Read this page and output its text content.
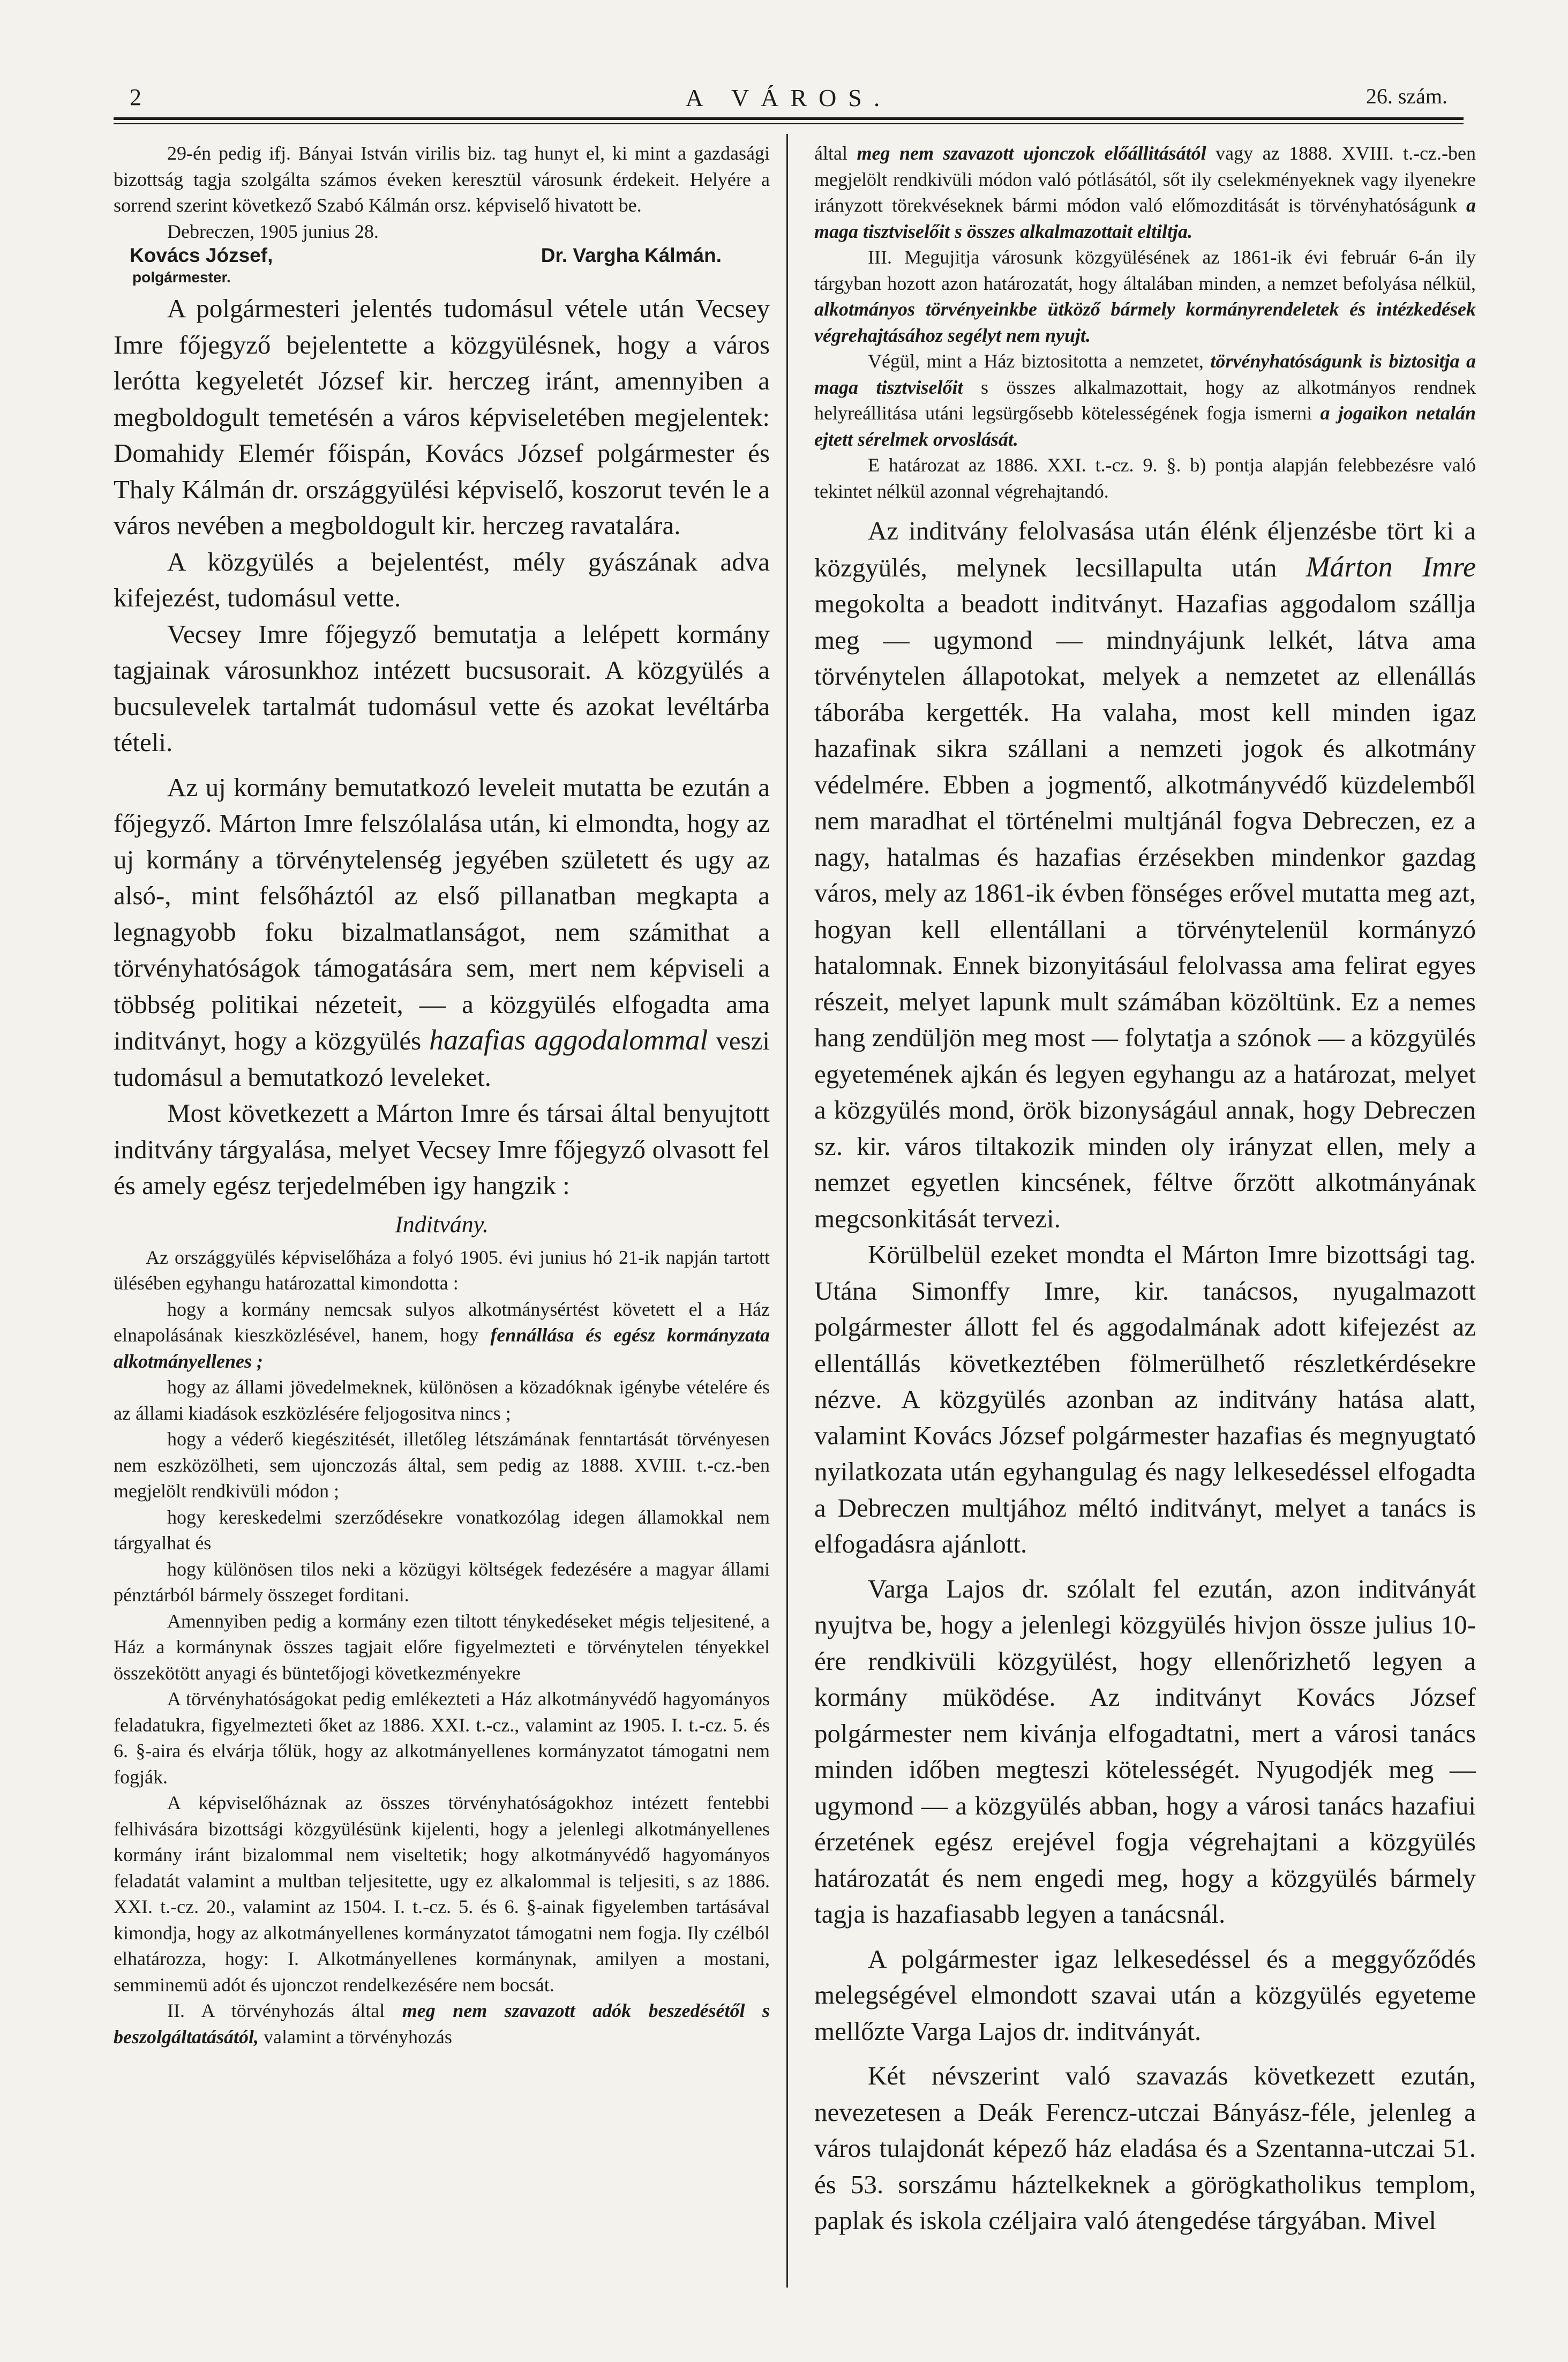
2	A VÁROS.	26. szám.

29-én pedig ifj. Bányai István virilis biz. tag hunyt el, ki mint a gazdasági bizottság tagja szolgálta számos éveken keresztül városunk érdekeit. Helyére a sorrend szerint következő Szabó Kálmán orsz. képviselő hivatott be.

Debreczen, 1905 junius 28.

Kovács József,	Dr. Vargha Kálmán.
polgármester.

A polgármesteri jelentés tudomásul vétele után Vecsey Imre főjegyző bejelentette a közgyülésnek, hogy a város lerótta kegyeletét József kir. herczeg iránt, amennyiben a megboldogult temetésén a város képviseletében megjelentek: Domahidy Elemér főispán, Kovács József polgármester és Thaly Kálmán dr. országgyülési képviselő, koszorut tevén le a város nevében a megboldogult kir. herczeg ravatalára.

A közgyülés a bejelentést, mély gyászának adva kifejezést, tudomásul vette.

Vecsey Imre főjegyző bemutatja a lelépett kormány tagjainak városunkhoz intézett bucsusorait. A közgyülés a bucsulevelek tartalmát tudomásul vette és azokat levéltárba tételi.

Az uj kormány bemutatkozó leveleit mutatta be ezután a főjegyző. Márton Imre felszólalása után, ki elmondta, hogy az uj kormány a törvénytelenség jegyében született és ugy az alsó-, mint felsőháztól az első pillanatban megkapta a legnagyobb foku bizalmatlanságot, nem számithat a törvényhatóságok támogatására sem, mert nem képviseli a többség politikai nézeteit, — a közgyülés elfogadta ama inditványt, hogy a közgyülés hazafias aggodalommal veszi tudomásul a bemutatkozó leveleket.

Most következett a Márton Imre és társai által benyujtott inditvány tárgyalása, melyet Vecsey Imre főjegyző olvasott fel és amely egész terjedelmében igy hangzik :

Inditvány.

Az országgyülés képviselőháza a folyó 1905. évi junius hó 21-ik napján tartott ülésében egyhangu határozattal kimondotta :

hogy a kormány nemcsak sulyos alkotmánysértést követett el a Ház elnapolásának kieszközlésével, hanem, hogy fennállása és egész kormányzata alkotmányellenes ;

hogy az állami jövedelmeknek, különösen a közadóknak igénybe vételére és az állami kiadások eszközlésére feljogositva nincs ;

hogy a véderő kiegészitését, illetőleg létszámának fenntartását törvényesen nem eszközölheti, sem ujonczozás által, sem pedig az 1888. XVIII. t.-cz.-ben megjelölt rendkivüli módon ;

hogy kereskedelmi szerződésekre vonatkozólag idegen államokkal nem tárgyalhat és

hogy különösen tilos neki a közügyi költségek fedezésére a magyar állami pénztárból bármely összeget forditani.

Amennyiben pedig a kormány ezen tiltott ténykedéseket mégis teljesitené, a Ház a kormánynak összes tagjait előre figyelmezteti e törvénytelen tényekkel összekötött anyagi és büntetőjogi következményekre

A törvényhatóságokat pedig emlékezteti a Ház alkotmányvédő hagyományos feladatukra, figyelmezteti őket az 1886. XXI. t.-cz., valamint az 1905. I. t.-cz. 5. és 6. §-aira és elvárja tőlük, hogy az alkotmányellenes kormányzatot támogatni nem fogják.

A képviselőháznak az összes törvényhatóságokhoz intézett fentebbi felhivására bizottsági közgyülésünk kijelenti, hogy a jelenlegi alkotmányellenes kormány iránt bizalommal nem viseltetik; hogy alkotmányvédő hagyományos feladatát valamint a multban teljesitette, ugy ez alkalommal is teljesiti, s az 1886. XXI. t.-cz. 20., valamint az 1504. I. t.-cz. 5. és 6. §-ainak figyelemben tartásával kimondja, hogy az alkotmányellenes kormányzatot támogatni nem fogja. Ily czélból elhatározza, hogy: I. Alkotmányellenes kormánynak, amilyen a mostani, semminemü adót és ujonczot rendelkezésére nem bocsát.

II. A törvényhozás által meg nem szavazott adók beszedésétől s beszolgáltatásától, valamint a törvényhozás

által meg nem szavazott ujonczok előállitásától vagy az 1888. XVIII. t.-cz.-ben megjelölt rendkivüli módon való pótlásától, sőt ily cselekményeknek vagy ilyenekre irányzott törekvéseknek bármi módon való előmozditását is törvényhatóságunk a maga tisztviselőit s összes alkalmazottait eltiltja.

III. Megujitja városunk közgyülésének az 1861-ik évi február 6-án ily tárgyban hozott azon határozatát, hogy általában minden, a nemzet befolyása nélkül, alkotmányos törvényeinkbe ütköző bármely kormányrendeletek és intézkedések végrehajtásához segélyt nem nyujt.

Végül, mint a Ház biztositotta a nemzetet, törvényhatóságunk is biztositja a maga tisztviselőit s összes alkalmazottait, hogy az alkotmányos rendnek helyreállitása utáni legsürgősebb kötelességének fogja ismerni a jogaikon netalán ejtett sérelmek orvoslását.

E határozat az 1886. XXI. t.-cz. 9. §. b) pontja alapján felebbezésre való tekintet nélkül azonnal végrehajtandó.

Az inditvány felolvasása után élénk éljenzésbe tört ki a közgyülés, melynek lecsillapulta után Márton Imre megokolta a beadott inditványt. Hazafias aggodalom szállja meg — ugymond — mindnyájunk lelkét, látva ama törvénytelen állapotokat, melyek a nemzetet az ellenállás táborába kergették. Ha valaha, most kell minden igaz hazafinak sikra szállani a nemzeti jogok és alkotmány védelmére. Ebben a jogmentő, alkotmányvédő küzdelemből nem maradhat el történelmi multjánál fogva Debreczen, ez a nagy, hatalmas és hazafias érzésekben mindenkor gazdag város, mely az 1861-ik évben fönséges erővel mutatta meg azt, hogyan kell ellentállani a törvénytelenül kormányzó hatalomnak. Ennek bizonyitásául felolvassa ama felirat egyes részeit, melyet lapunk mult számában közöltünk. Ez a nemes hang zendüljön meg most — folytatja a szónok — a közgyülés egyetemének ajkán és legyen egyhangu az a határozat, melyet a közgyülés mond, örök bizonyságául annak, hogy Debreczen sz. kir. város tiltakozik minden oly irányzat ellen, mely a nemzet egyetlen kincsének, féltve őrzött alkotmányának megcsonkitását tervezi.

Körülbelül ezeket mondta el Márton Imre bizottsági tag. Utána Simonffy Imre, kir. tanácsos, nyugalmazott polgármester állott fel és aggodalmának adott kifejezést az ellentállás következtében fölmerülhető részletkérdésekre nézve. A közgyülés azonban az inditvány hatása alatt, valamint Kovács József polgármester hazafias és megnyugtató nyilatkozata után egyhangulag és nagy lelkesedéssel elfogadta a Debreczen multjához méltó inditványt, melyet a tanács is elfogadásra ajánlott.

Varga Lajos dr. szólalt fel ezután, azon inditványát nyujtva be, hogy a jelenlegi közgyülés hivjon össze julius 10-ére rendkivüli közgyülést, hogy ellenőrizhető legyen a kormány müködése. Az inditványt Kovács József polgármester nem kivánja elfogadtatni, mert a városi tanács minden időben megteszi kötelességét. Nyugodjék meg — ugymond — a közgyülés abban, hogy a városi tanács hazafiui érzetének egész erejével fogja végrehajtani a közgyülés határozatát és nem engedi meg, hogy a közgyülés bármely tagja is hazafiasabb legyen a tanácsnál.

A polgármester igaz lelkesedéssel és a meggyőződés melegségével elmondott szavai után a közgyülés egyeteme mellőzte Varga Lajos dr. inditványát.

Két névszerint való szavazás következett ezután, nevezetesen a Deák Ferencz-utczai Bányász-féle, jelenleg a város tulajdonát képező ház eladása és a Szentanna-utczai 51. és 53. sorszámu háztelkeknek a görögkatholikus templom, paplak és iskola czéljaira való átengedése tárgyában. Mivel
